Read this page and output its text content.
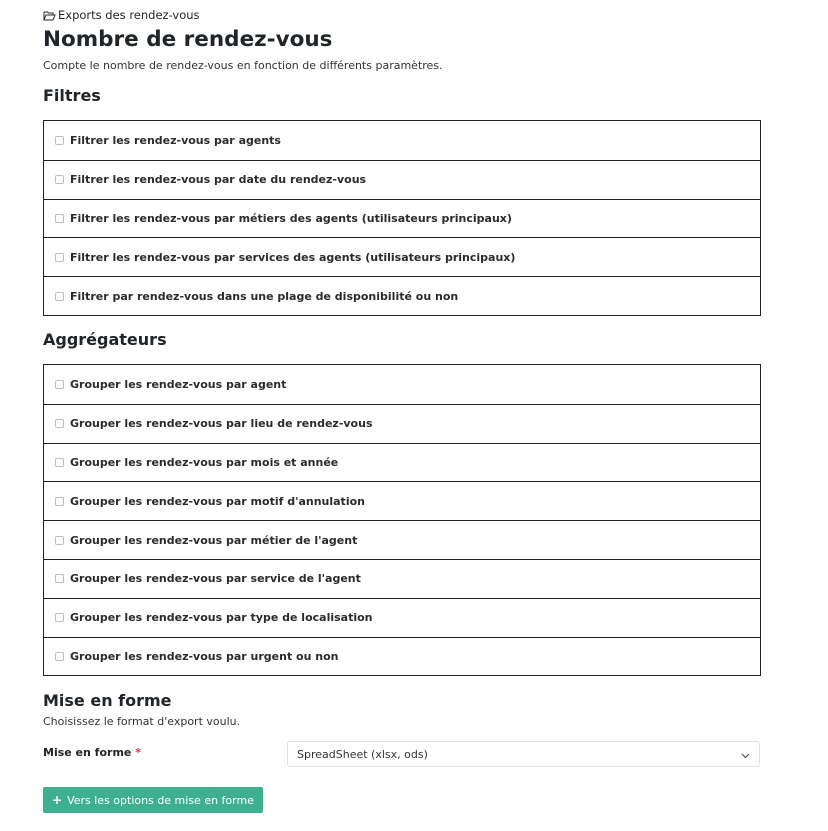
Exports des rendez-vous
Nombre de rendez-vous

Compte le nombre de rendez-vous en fonction de différents paramètres.

Filtres
Filtrer les rendez-vous par agents
Filtrer les rendez-vous par date du rendez-vous
Filtrer les rendez-vous par métiers des agents (utilisateurs principaux)
Filtrer les rendez-vous par services des agents (utilisateurs principaux)
Filtrer par rendez-vous dans une plage de disponibilité ou non
Aggrégateurs
Grouper les rendez-vous par agent
Grouper les rendez-vous par lieu de rendez-vous
Grouper les rendez-vous par mois et année
Grouper les rendez-vous par motif d'annulation
Grouper les rendez-vous par métier de l'agent
Grouper les rendez-vous par service de l'agent
Grouper les rendez-vous par type de localisation
Grouper les rendez-vous par urgent ou non
Mise en forme

Choisissez le format d'export voulu.

Mise en forme *	SpreadSheet (xlsx, ods)
+ Vers les options de mise en forme
